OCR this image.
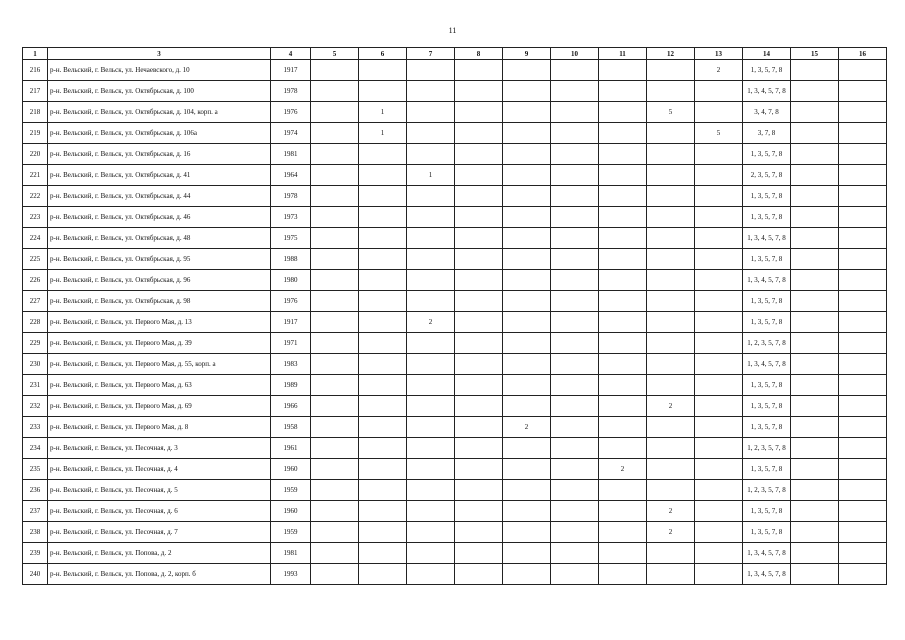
11
1	3	4	5	6	7	8	9	10	11	12	13	14	15	16
216	р-н. Вельский, г. Вельск, ул. Нечаевского, д. 10	1917									2	1, 3, 5, 7, 8		
217	р-н. Вельский, г. Вельск, ул. Октябрьская, д. 100	1978										1, 3, 4, 5, 7, 8		
218	р-н. Вельский, г. Вельск, ул. Октябрьская, д. 104, корп. а	1976		1						5		3, 4, 7, 8		
219	р-н. Вельский, г. Вельск, ул. Октябрьская, д. 106а	1974		1							5	3, 7, 8		
220	р-н. Вельский, г. Вельск, ул. Октябрьская, д. 16	1981										1, 3, 5, 7, 8		
221	р-н. Вельский, г. Вельск, ул. Октябрьская, д. 41	1964			1							2, 3, 5, 7, 8		
222	р-н. Вельский, г. Вельск, ул. Октябрьская, д. 44	1978										1, 3, 5, 7, 8		
223	р-н. Вельский, г. Вельск, ул. Октябрьская, д. 46	1973										1, 3, 5, 7, 8		
224	р-н. Вельский, г. Вельск, ул. Октябрьская, д. 48	1975										1, 3, 4, 5, 7, 8		
225	р-н. Вельский, г. Вельск, ул. Октябрьская, д. 95	1988										1, 3, 5, 7, 8		
226	р-н. Вельский, г. Вельск, ул. Октябрьская, д. 96	1980										1, 3, 4, 5, 7, 8		
227	р-н. Вельский, г. Вельск, ул. Октябрьская, д. 98	1976										1, 3, 5, 7, 8		
228	р-н. Вельский, г. Вельск, ул. Первого Мая, д. 13	1917			2							1, 3, 5, 7, 8		
229	р-н. Вельский, г. Вельск, ул. Первого Мая, д. 39	1971										1, 2, 3, 5, 7, 8		
230	р-н. Вельский, г. Вельск, ул. Первого Мая, д. 55, корп. а	1983										1, 3, 4, 5, 7, 8		
231	р-н. Вельский, г. Вельск, ул. Первого Мая, д. 63	1989										1, 3, 5, 7, 8		
232	р-н. Вельский, г. Вельск, ул. Первого Мая, д. 69	1966								2		1, 3, 5, 7, 8		
233	р-н. Вельский, г. Вельск, ул. Первого Мая, д. 8	1958					2					1, 3, 5, 7, 8		
234	р-н. Вельский, г. Вельск, ул. Песочная, д. 3	1961										1, 2, 3, 5, 7, 8		
235	р-н. Вельский, г. Вельск, ул. Песочная, д. 4	1960							2			1, 3, 5, 7, 8		
236	р-н. Вельский, г. Вельск, ул. Песочная, д. 5	1959										1, 2, 3, 5, 7, 8		
237	р-н. Вельский, г. Вельск, ул. Песочная, д. 6	1960								2		1, 3, 5, 7, 8		
238	р-н. Вельский, г. Вельск, ул. Песочная, д. 7	1959								2		1, 3, 5, 7, 8		
239	р-н. Вельский, г. Вельск, ул. Попова, д. 2	1981										1, 3, 4, 5, 7, 8		
240	р-н. Вельский, г. Вельск, ул. Попова, д. 2, корп. б	1993										1, 3, 4, 5, 7, 8		
